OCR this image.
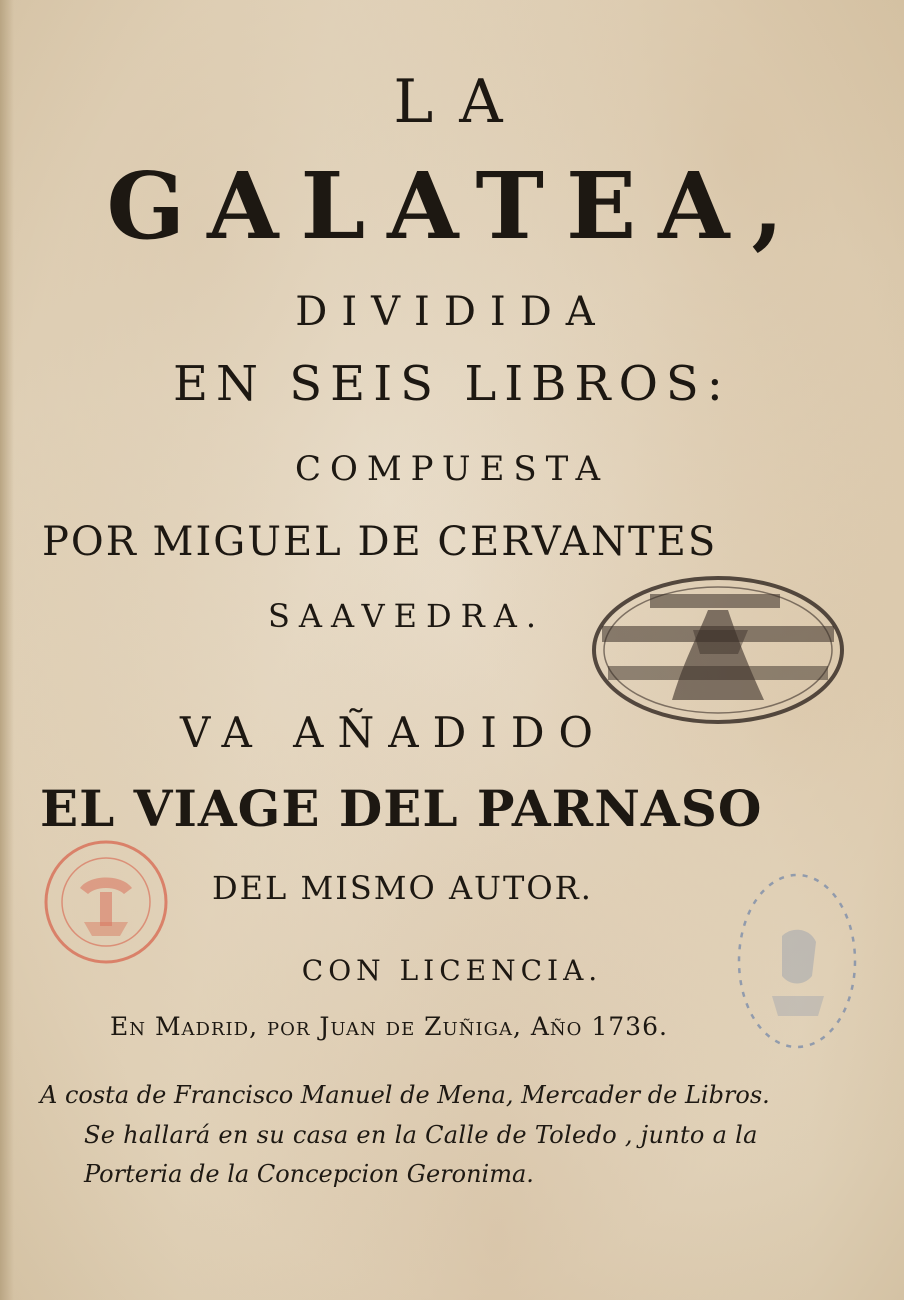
LA
GALATEA,
DIVIDIDA
EN SEIS LIBROS:
COMPUESTA
POR MIGUEL DE CERVANTES
SAAVEDRA.
VA AÑADIDO
EL VIAGE DEL PARNASO
DEL MISMO AUTOR.
CON LICENCIA.
En Madrid, por Juan de Zuñiga, Año 1736.
A costa de Francisco Manuel de Mena, Mercader de Libros.
Se hallará en su casa en la Calle de Toledo , junto a la
Porteria de la Concepcion Geronima.
